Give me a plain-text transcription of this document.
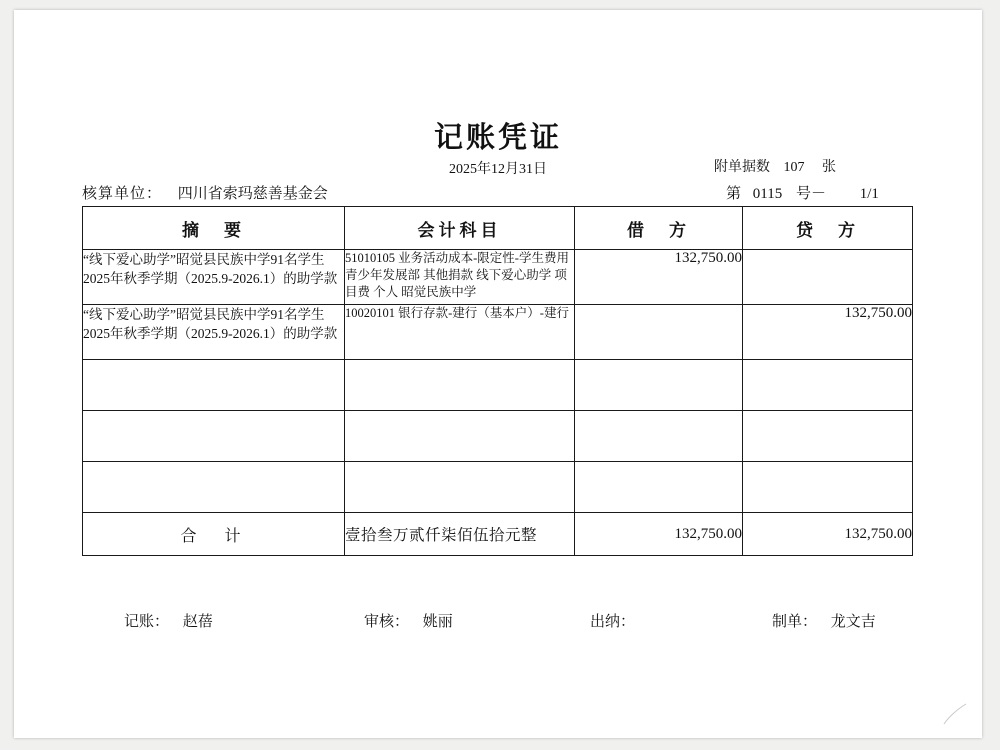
记账凭证
2025年12月31日	附单据数 107 张
核算单位： 四川省索玛慈善基金会	第 0115 号－ 1/1
摘　要	会计科目	借　方	贷　方
“线下爱心助学”昭觉县民族中学91名学生2025年秋季学期（2025.9-2026.1）的助学款	51010105 业务活动成本-限定性-学生费用 青少年发展部 其他捐款 线下爱心助学 项目费 个人 昭觉民族中学	132,750.00	
“线下爱心助学”昭觉县民族中学91名学生2025年秋季学期（2025.9-2026.1）的助学款	10020101 银行存款-建行（基本户）-建行		132,750.00

合　计	壹拾叁万贰仟柒佰伍拾元整	132,750.00	132,750.00
记账： 赵蓓	审核： 姚丽	出纳：	制单： 龙文吉
